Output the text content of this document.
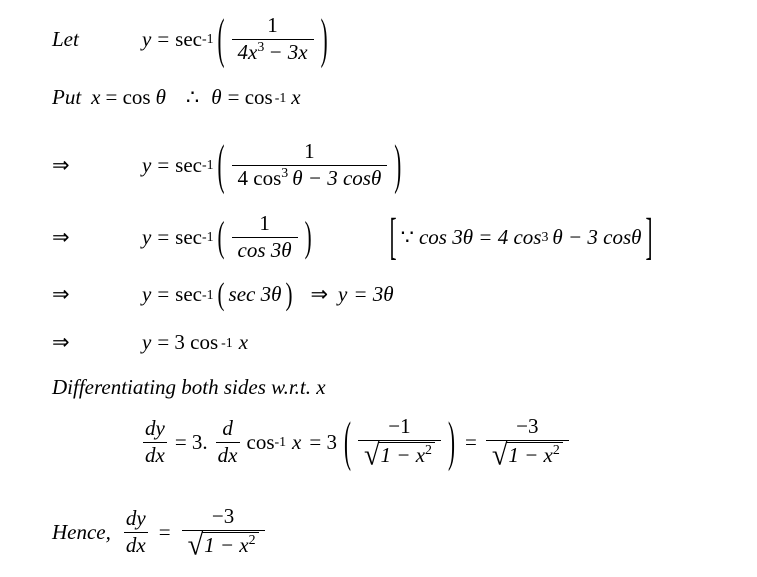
Let	y = sec -1 ( $\frac{1}{4x^3 - 3x}$ )
Put x = cos θ ∴ θ = cos -1 x
⇒	y = sec -1 ( $\frac{1}{4 \cos^3 \theta - 3 \cos\theta}$ )
⇒	y = sec -1 ( $\frac{1}{\cos 3\theta}$ )	[ ∵ cos 3θ = 4 cos 3 θ − 3 cosθ ]
⇒	y = sec -1 ( sec 3θ ) ⇒ y = 3θ
⇒	y = 3 cos -1 x
Differentiating both sides w.r.t. x
$\frac{dy}{dx} = 3$. $\frac{d}{dx}$ cos -1 x = 3 ( $\frac{-1}{√ 1 - x^2}$ ) = $\frac{-3}{√ 1 - x^2}$
Hence, $\frac{dy}{dx} = \frac{-3}{√ 1 - x^2}$
